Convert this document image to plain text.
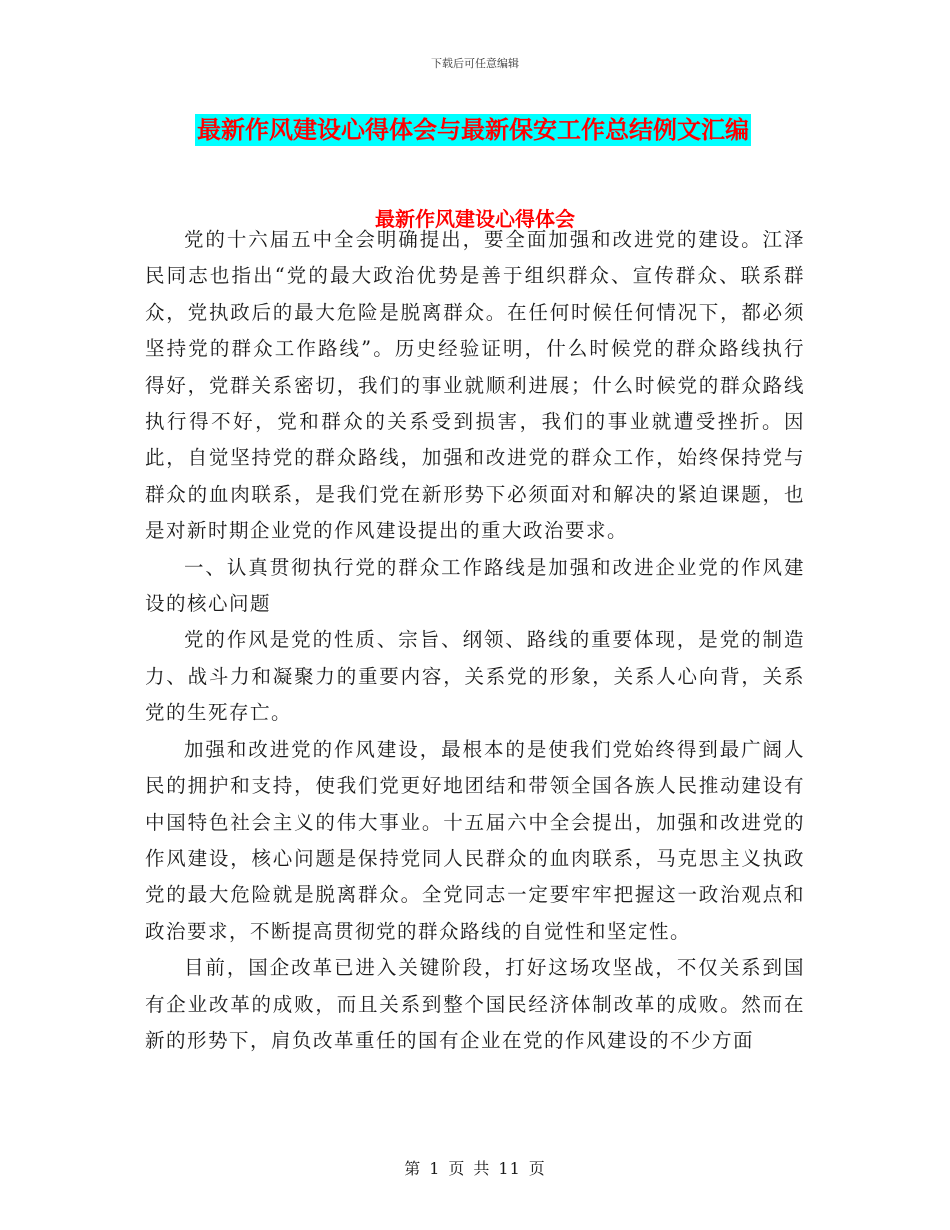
下载后可任意编辑
最新作风建设心得体会与最新保安工作总结例文汇编
最新作风建设心得体会

党的十六届五中全会明确提出，要全面加强和改进党的建设。江泽民同志也指出“党的最大政治优势是善于组织群众、宣传群众、联系群众，党执政后的最大危险是脱离群众。在任何时候任何情况下，都必须坚持党的群众工作路线”。历史经验证明，什么时候党的群众路线执行得好，党群关系密切，我们的事业就顺利进展；什么时候党的群众路线执行得不好，党和群众的关系受到损害，我们的事业就遭受挫折。因此，自觉坚持党的群众路线，加强和改进党的群众工作，始终保持党与群众的血肉联系，是我们党在新形势下必须面对和解决的紧迫课题，也是对新时期企业党的作风建设提出的重大政治要求。

一、认真贯彻执行党的群众工作路线是加强和改进企业党的作风建设的核心问题

党的作风是党的性质、宗旨、纲领、路线的重要体现，是党的制造力、战斗力和凝聚力的重要内容，关系党的形象，关系人心向背，关系党的生死存亡。

加强和改进党的作风建设，最根本的是使我们党始终得到最广阔人民的拥护和支持，使我们党更好地团结和带领全国各族人民推动建设有中国特色社会主义的伟大事业。十五届六中全会提出，加强和改进党的作风建设，核心问题是保持党同人民群众的血肉联系，马克思主义执政党的最大危险就是脱离群众。全党同志一定要牢牢把握这一政治观点和政治要求，不断提高贯彻党的群众路线的自觉性和坚定性。

目前，国企改革已进入关键阶段，打好这场攻坚战，不仅关系到国有企业改革的成败，而且关系到整个国民经济体制改革的成败。然而在新的形势下，肩负改革重任的国有企业在党的作风建设的不少方面

第 1 页 共 11 页
